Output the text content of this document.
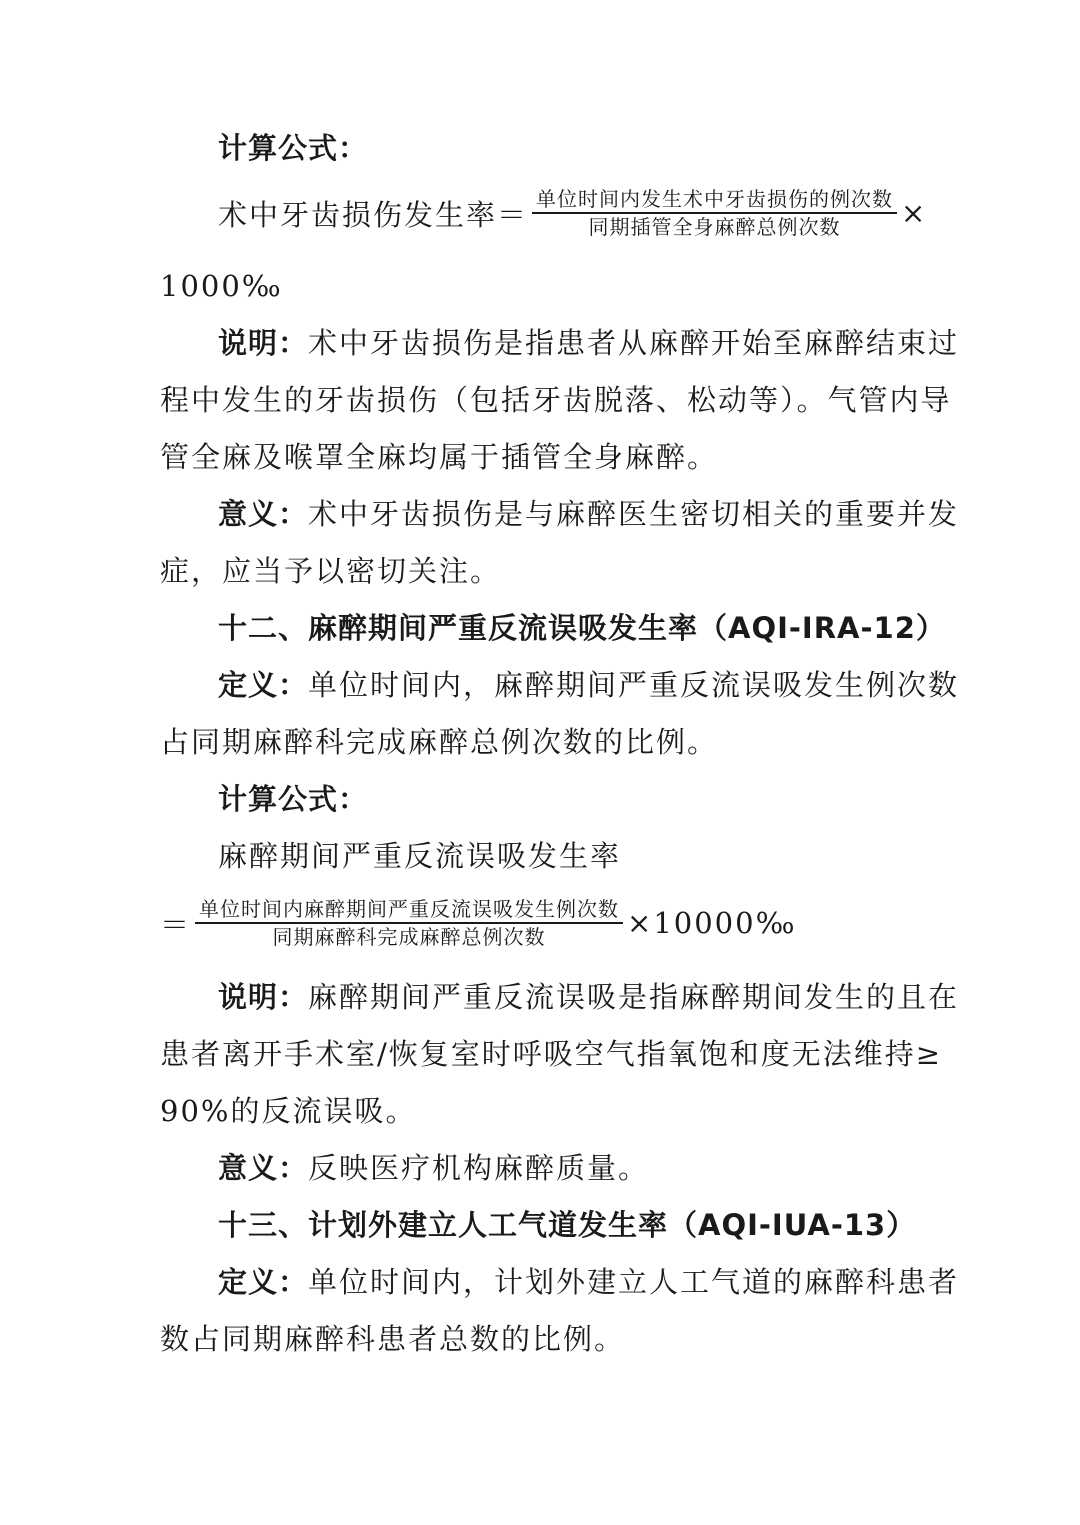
计算公式：
术中牙齿损伤发生率＝ $\frac{\text{单位时间内发生术中牙齿损伤的例次数}}{\text{同期插管全身麻醉总例次数}}$ ×
1000‰
说明：术中牙齿损伤是指患者从麻醉开始至麻醉结束过
程中发生的牙齿损伤（包括牙齿脱落、松动等）。气管内导
管全麻及喉罩全麻均属于插管全身麻醉。
意义：术中牙齿损伤是与麻醉医生密切相关的重要并发
症，应当予以密切关注。
十二、麻醉期间严重反流误吸发生率（AQI-IRA-12）
定义：单位时间内，麻醉期间严重反流误吸发生例次数
占同期麻醉科完成麻醉总例次数的比例。
计算公式：
麻醉期间严重反流误吸发生率
＝ $\frac{\text{单位时间内麻醉期间严重反流误吸发生例次数}}{\text{同期麻醉科完成麻醉总例次数}}$ ×10000‰
说明：麻醉期间严重反流误吸是指麻醉期间发生的且在
患者离开手术室/恢复室时呼吸空气指氧饱和度无法维持≥
90%的反流误吸。
意义：反映医疗机构麻醉质量。
十三、计划外建立人工气道发生率（AQI-IUA-13）
定义：单位时间内，计划外建立人工气道的麻醉科患者
数占同期麻醉科患者总数的比例。
